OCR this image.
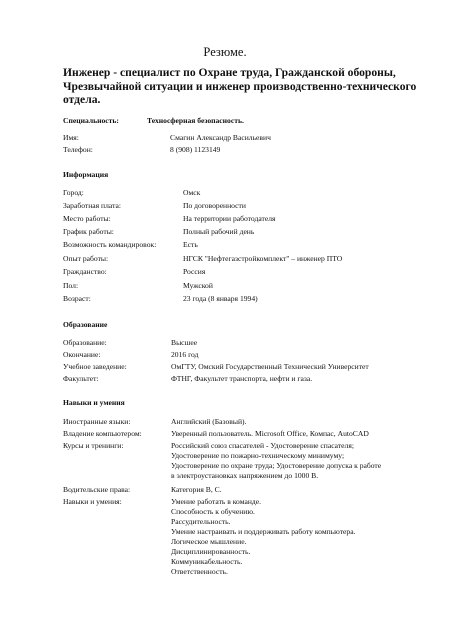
Резюме.
Инженер - специалист по Охране труда, Гражданской обороны, Чрезвычайной ситуации и инженер производственно-технического отдела.
Специальность:	Техносферная безопасность.
Имя:	Смагин Александр Васильевич
Телефон:	8 (908) 1123149
Информация
Город:	Омск
Заработная плата:	По договоренности
Место работы:	На территории работодателя
График работы:	Полный рабочий день
Возможность командировок:	Есть
Опыт работы:	НГСК "Нефтегазстройкомплект" – инженер ПТО
Гражданство:	Россия
Пол:	Мужской
Возраст:	23 года (8 января 1994)
Образование
Образование:	Высшее
Окончание:	2016 год
Учебное заведение:	ОмГТУ, Омский Государственный Технический Университет
Факультет:	ФТНГ, Факультет транспорта, нефти и газа.
Навыки и умения
Иностранные языки:	Английский (Базовый).
Владение компьютером:	Уверенный пользователь. Microsoft Office, Компас, AutoCAD
Курсы и тренинги:	Российский союз спасателей - Удостоверение спасателя;
Удостоверение по пожарно-техническому минимуму;
Удостоверение по охране труда; Удостоверение допуска к работе
в электроустановках напряжением до 1000 В.
Водительские права:	Категория B, C.
Навыки и умения:	Умение работать в команде.
Способность к обучению.
Рассудительность.
Умение настраивать и поддерживать работу компьютера.
Логическое мышление.
Дисциплинированность.
Коммуникабельность.
Ответственность.
